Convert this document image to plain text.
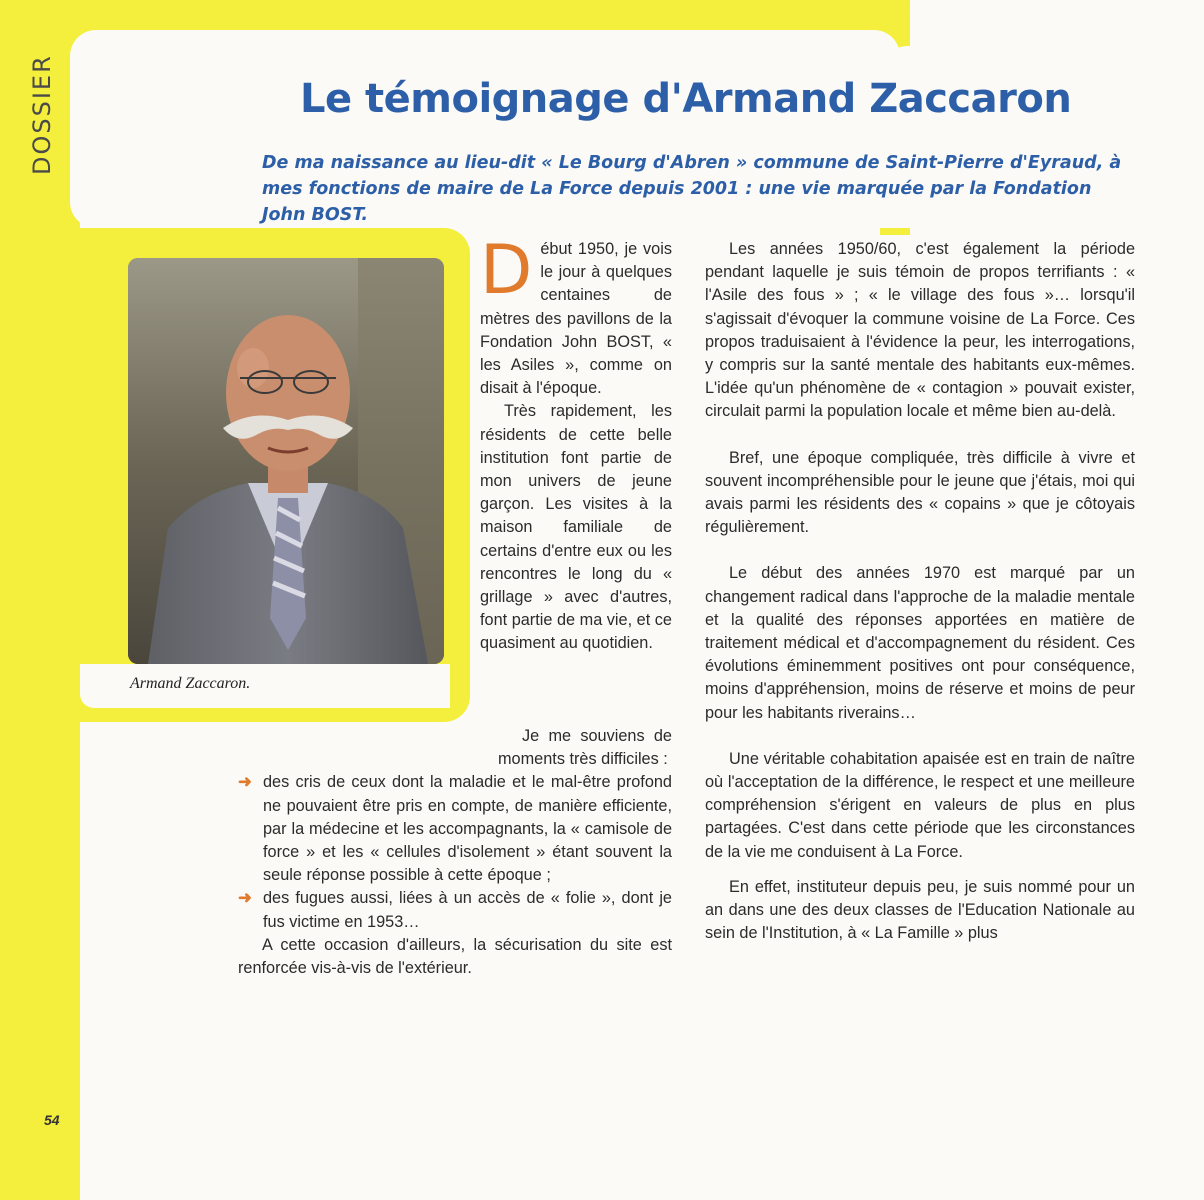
DOSSIER	Le témoignage d'Armand Zaccaron
De ma naissance au lieu-dit « Le Bourg d'Abren » commune de Saint-Pierre d'Eyraud, à mes fonctions de maire de La Force depuis 2001 : une vie marquée par la Fondation John BOST.
Armand Zaccaron.

Début 1950, je vois le jour à quelques centaines de mètres des pavillons de la Fondation John BOST, « les Asiles », comme on disait à l'époque.

Très rapidement, les résidents de cette belle institution font partie de mon univers de jeune garçon. Les visites à la maison familiale de certains d'entre eux ou les rencontres le long du « grillage » avec d'autres, font partie de ma vie, et ce quasiment au quotidien.

Je me souviens de moments très difficiles :

➜ des cris de ceux dont la maladie et le mal-être profond ne pouvaient être pris en compte, de manière efficiente, par la médecine et les accompagnants, la « camisole de force » et les « cellules d'isolement » étant souvent la seule réponse possible à cette époque ;

➜ des fugues aussi, liées à un accès de « folie », dont je fus victime en 1953…

A cette occasion d'ailleurs, la sécurisation du site est renforcée vis-à-vis de l'extérieur.

Les années 1950/60, c'est également la période pendant laquelle je suis témoin de propos terrifiants : « l'Asile des fous » ; « le village des fous »… lorsqu'il s'agissait d'évoquer la commune voisine de La Force. Ces propos traduisaient à l'évidence la peur, les interrogations, y compris sur la santé mentale des habitants eux-mêmes. L'idée qu'un phénomène de « contagion » pouvait exister, circulait parmi la population locale et même bien au-delà.

Bref, une époque compliquée, très difficile à vivre et souvent incompréhensible pour le jeune que j'étais, moi qui avais parmi les résidents des « copains » que je côtoyais régulièrement.

Le début des années 1970 est marqué par un changement radical dans l'approche de la maladie mentale et la qualité des réponses apportées en matière de traitement médical et d'accompagnement du résident. Ces évolutions éminemment positives ont pour conséquence, moins d'appréhension, moins de réserve et moins de peur pour les habitants riverains…

Une véritable cohabitation apaisée est en train de naître où l'acceptation de la différence, le respect et une meilleure compréhension s'érigent en valeurs de plus en plus partagées. C'est dans cette période que les circonstances de la vie me conduisent à La Force.

En effet, instituteur depuis peu, je suis nommé pour un an dans une des deux classes de l'Education Nationale au sein de l'Institution, à « La Famille » plus

54
